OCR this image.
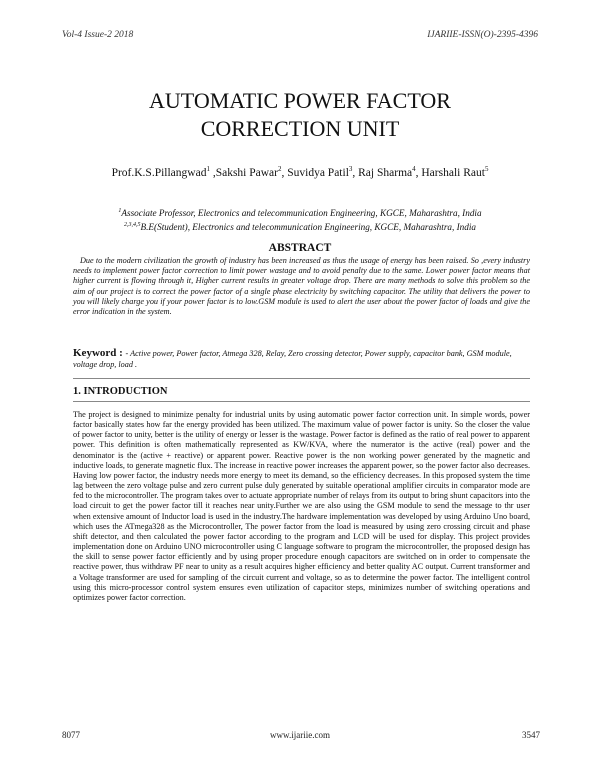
Vol-4 Issue-2 2018	IJARIIE-ISSN(O)-2395-4396
AUTOMATIC POWER FACTOR
CORRECTION UNIT
Prof.K.S.Pillangwad$^1$ ,Sakshi Pawar$^2$, Suvidya Patil$^3$, Raj Sharma$^4$, Harshali Raut$^5$
$^1$Associate Professor, Electronics and telecommunication Engineering, KGCE, Maharashtra, India
$^{2,3,4,5}$B.E(Student), Electronics and telecommunication Engineering, KGCE, Maharashtra, India
ABSTRACT
Due to the modern civilization the growth of industry has been increased as thus the usage of energy has been raised. So ,every industry needs to implement power factor correction to limit power wastage and to avoid penalty due to the same. Lower power factor means that higher current is flowing through it, Higher current results in greater voltage drop. There are many methods to solve this problem so the aim of our project is to correct the power factor of a single phase electricity by switching capacitor. The utility that delivers the power to you will likely charge you if your power factor is to low.GSM module is used to alert the user about the power factor of loads and give the error indication in the system.
Keyword : - Active power, Power factor, Atmega 328, Relay, Zero crossing detector, Power supply, capacitor bank, GSM module, voltage drop, load .
1. INTRODUCTION
The project is designed to minimize penalty for industrial units by using automatic power factor correction unit. In simple words, power factor basically states how far the energy provided has been utilized. The maximum value of power factor is unity. So the closer the value of power factor to unity, better is the utility of energy or lesser is the wastage. Power factor is defined as the ratio of real power to apparent power. This definition is often mathematically represented as KW/KVA, where the numerator is the active (real) power and the denominator is the (active + reactive) or apparent power. Reactive power is the non working power generated by the magnetic and inductive loads, to generate magnetic flux. The increase in reactive power increases the apparent power, so the power factor also decreases. Having low power factor, the industry needs more energy to meet its demand, so the efficiency decreases. In this proposed system the time lag between the zero voltage pulse and zero current pulse duly generated by suitable operational amplifier circuits in comparator mode are fed to the microcontroller. The program takes over to actuate appropriate number of relays from its output to bring shunt capacitors into the load circuit to get the power factor till it reaches near unity.Further we are also using the GSM module to send the message to thr user when extensive amount of Inductor load is used in the industry.The hardware implementation was developed by using Arduino Uno board, which uses the ATmega328 as the Microcontroller, The power factor from the load is measured by using zero crossing circuit and phase shift detector, and then calculated the power factor according to the program and LCD will be used for display. This project provides implementation done on Arduino UNO microcontroller using C language software to program the microcontroller, the proposed design has the skill to sense power factor efficiently and by using proper procedure enough capacitors are switched on in order to compensate the reactive power, thus withdraw PF near to unity as a result acquires higher efficiency and better quality AC output. Current transformer and a Voltage transformer are used for sampling of the circuit current and voltage, so as to determine the power factor. The intelligent control using this micro-processor control system ensures even utilization of capacitor steps, minimizes number of switching operations and optimizes power factor correction.
8077	www.ijariie.com	3547
